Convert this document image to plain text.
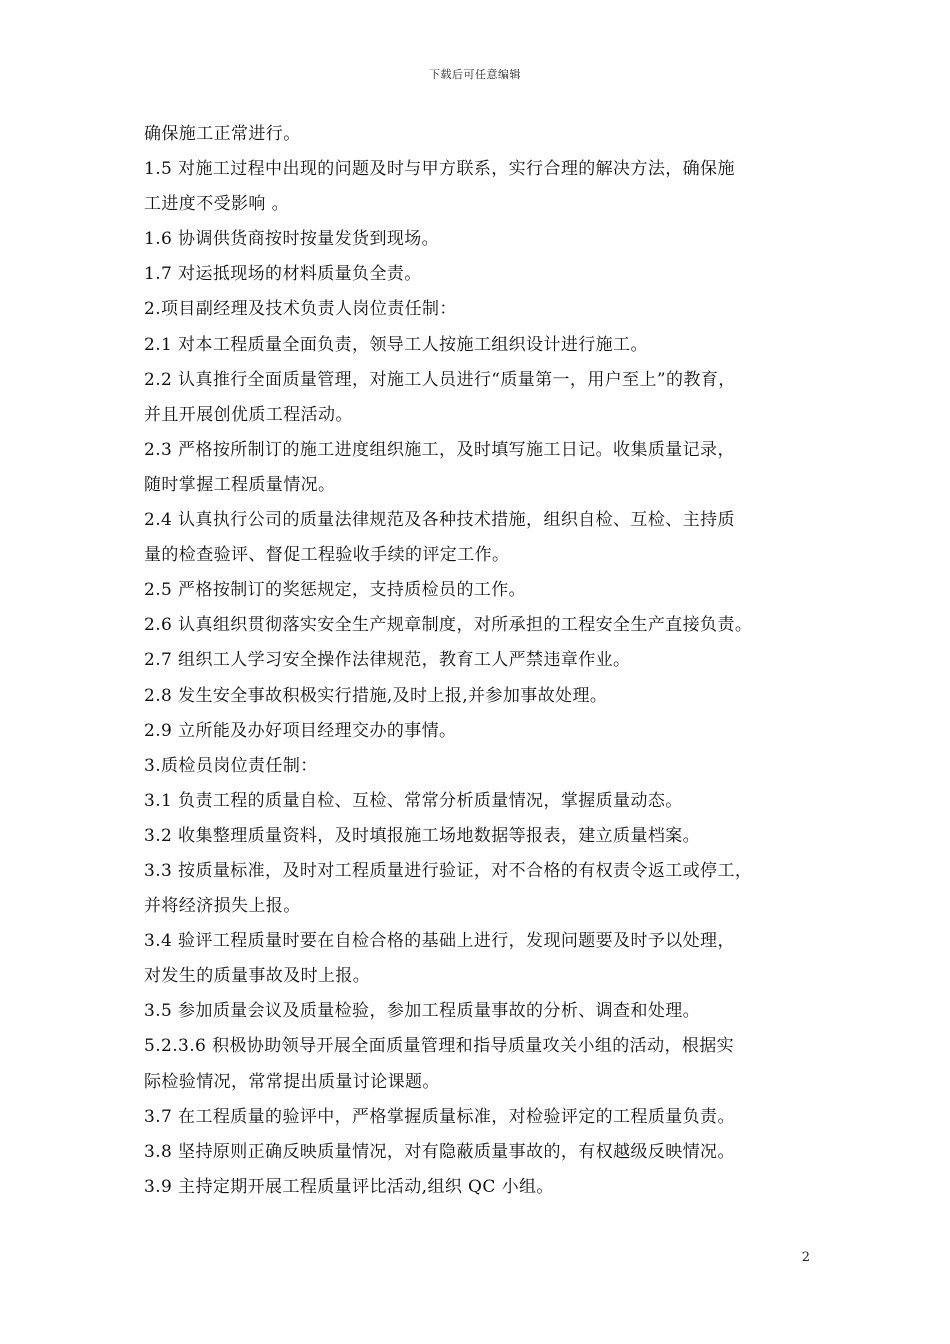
下载后可任意编辑
确保施工正常进行。
1.5 对施工过程中出现的问题及时与甲方联系，实行合理的解决方法，确保施
工进度不受影响 。
1.6 协调供货商按时按量发货到现场。
1.7 对运抵现场的材料质量负全责。
2.项目副经理及技术负责人岗位责任制：
2.1 对本工程质量全面负责，领导工人按施工组织设计进行施工。
2.2 认真推行全面质量管理，对施工人员进行“质量第一，用户至上”的教育，
并且开展创优质工程活动。
2.3 严格按所制订的施工进度组织施工，及时填写施工日记。收集质量记录，
随时掌握工程质量情况。
2.4 认真执行公司的质量法律规范及各种技术措施，组织自检、互检、主持质
量的检查验评、督促工程验收手续的评定工作。
2.5 严格按制订的奖惩规定，支持质检员的工作。
2.6 认真组织贯彻落实安全生产规章制度，对所承担的工程安全生产直接负责。
2.7 组织工人学习安全操作法律规范，教育工人严禁违章作业。
2.8 发生安全事故积极实行措施,及时上报,并参加事故处理。
2.9 立所能及办好项目经理交办的事情。
3.质检员岗位责任制：
3.1 负责工程的质量自检、互检、常常分析质量情况，掌握质量动态。
3.2 收集整理质量资料，及时填报施工场地数据等报表，建立质量档案。
3.3 按质量标准，及时对工程质量进行验证，对不合格的有权责令返工或停工，
并将经济损失上报。
3.4 验评工程质量时要在自检合格的基础上进行，发现问题要及时予以处理，
对发生的质量事故及时上报。
3.5 参加质量会议及质量检验，参加工程质量事故的分析、调查和处理。
5.2.3.6 积极协助领导开展全面质量管理和指导质量攻关小组的活动，根据实
际检验情况，常常提出质量讨论课题。
3.7 在工程质量的验评中，严格掌握质量标准，对检验评定的工程质量负责。
3.8 坚持原则正确反映质量情况，对有隐蔽质量事故的，有权越级反映情况。
3.9 主持定期开展工程质量评比活动,组织 QC 小组。
2
